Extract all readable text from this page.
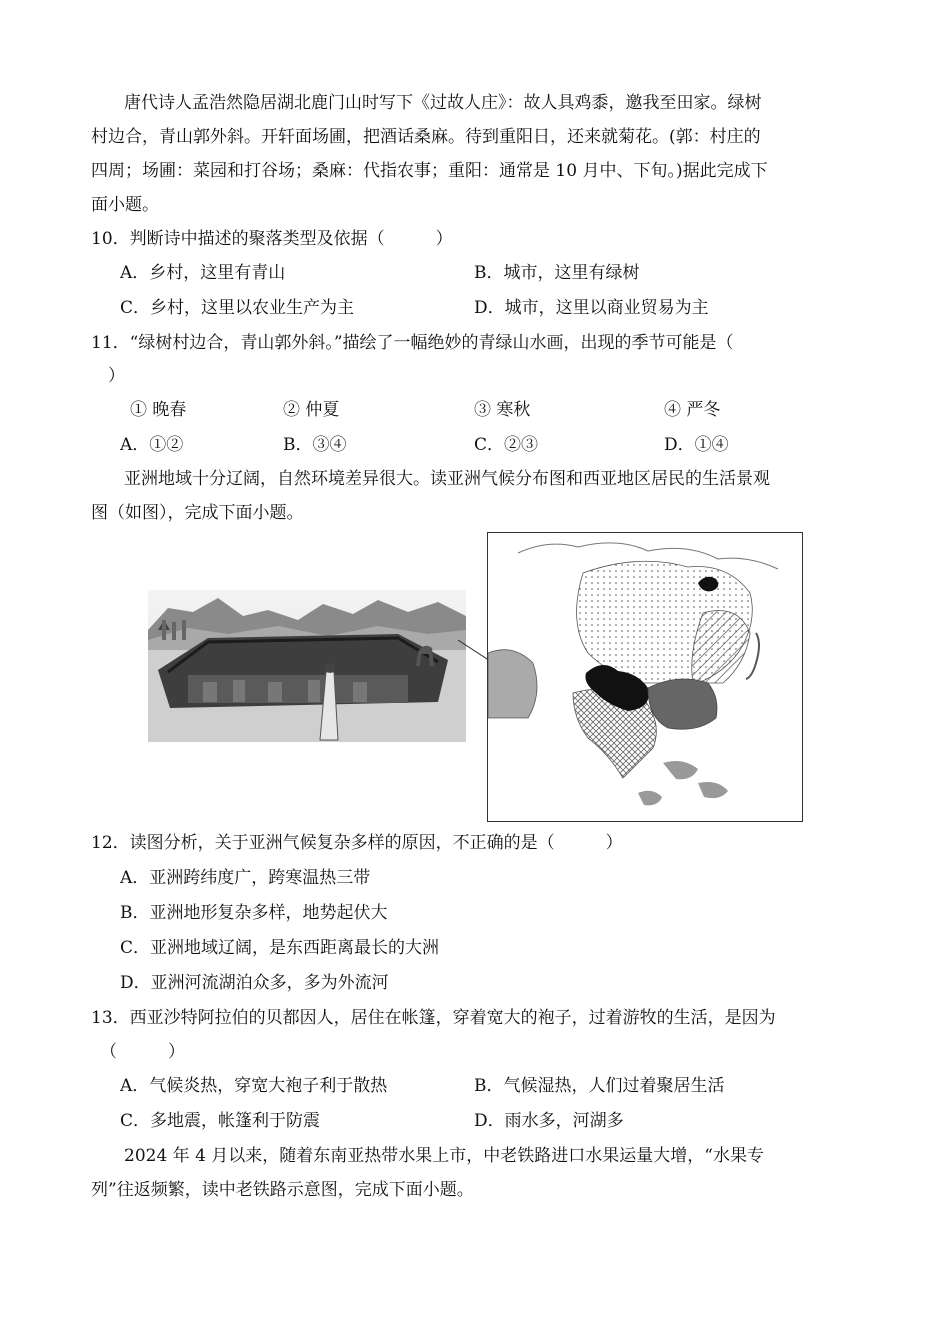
唐代诗人孟浩然隐居湖北鹿门山时写下《过故人庄》：故人具鸡黍，邀我至田家。绿树
村边合，青山郭外斜。开轩面场圃，把酒话桑麻。待到重阳日，还来就菊花。(郭：村庄的
四周；场圃：菜园和打谷场；桑麻：代指农事；重阳：通常是 10 月中、下旬。)据此完成下
面小题。
10．判断诗中描述的聚落类型及依据（　　　）
A．乡村，这里有青山	B．城市，这里有绿树
C．乡村，这里以农业生产为主	D．城市，这里以商业贸易为主
11．“绿树村边合，青山郭外斜。”描绘了一幅绝妙的青绿山水画，出现的季节可能是（
）
① 晚春	② 仲夏	③ 寒秋	④ 严冬
A．①②	B．③④	C．②③	D．①④
亚洲地域十分辽阔，自然环境差异很大。读亚洲气候分布图和西亚地区居民的生活景观
图（如图），完成下面小题。
12．读图分析，关于亚洲气候复杂多样的原因，不正确的是（　　　）
A．亚洲跨纬度广，跨寒温热三带
B．亚洲地形复杂多样，地势起伏大
C．亚洲地域辽阔，是东西距离最长的大洲
D．亚洲河流湖泊众多，多为外流河
13．西亚沙特阿拉伯的贝都因人，居住在帐篷，穿着宽大的袍子，过着游牧的生活，是因为
（　　　）
A．气候炎热，穿宽大袍子利于散热	B．气候湿热，人们过着聚居生活
C．多地震，帐篷利于防震	D．雨水多，河湖多
2024 年 4 月以来，随着东南亚热带水果上市，中老铁路进口水果运量大增，“水果专
列”往返频繁，读中老铁路示意图，完成下面小题。
